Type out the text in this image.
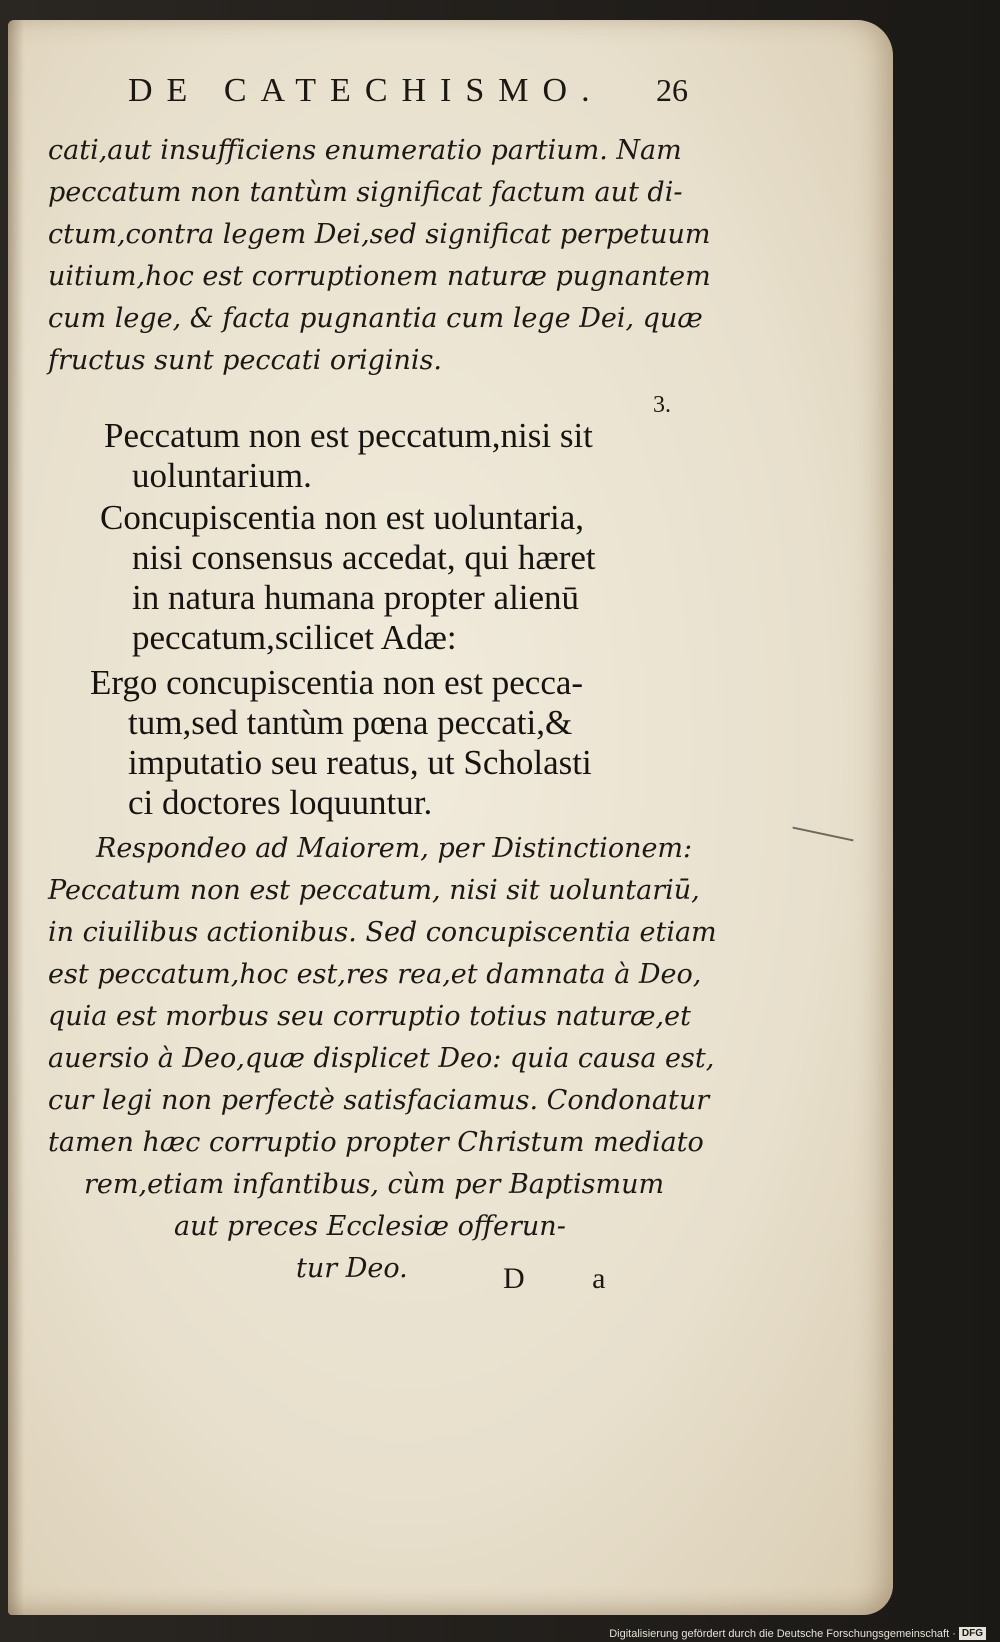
DE CATECHISMO. 26
cati,aut insufficiens enumeratio partium. Nam
peccatum non tantùm significat factum aut di-
ctum,contra legem Dei,sed significat perpetuum
uitium,hoc est corruptionem naturæ pugnantem
cum lege, & facta pugnantia cum lege Dei, quæ
fructus sunt peccati originis.
3.
Peccatum non est peccatum,nisi sit
uoluntarium.
Concupiscentia non est uoluntaria,
nisi consensus accedat, qui hæret
in natura humana propter alienū
peccatum,scilicet Adæ:
Ergo concupiscentia non est pecca-
tum,sed tantùm pœna peccati,&
imputatio seu reatus, ut Scholasti
ci doctores loquuntur.
Respondeo ad Maiorem, per Distinctionem:
Peccatum non est peccatum, nisi sit uoluntariū,
in ciuilibus actionibus. Sed concupiscentia etiam
est peccatum,hoc est,res rea,et damnata à Deo,
quia est morbus seu corruptio totius naturæ,et
auersio à Deo,quæ displicet Deo: quia causa est,
cur legi non perfectè satisfaciamus. Condonatur
tamen hæc corruptio propter Christum mediato
rem,etiam infantibus, cùm per Baptismum
aut preces Ecclesiæ offerun-
tur Deo.	D a
Digitalisierung gefördert durch die Deutsche Forschungsgemeinschaft · DFG
